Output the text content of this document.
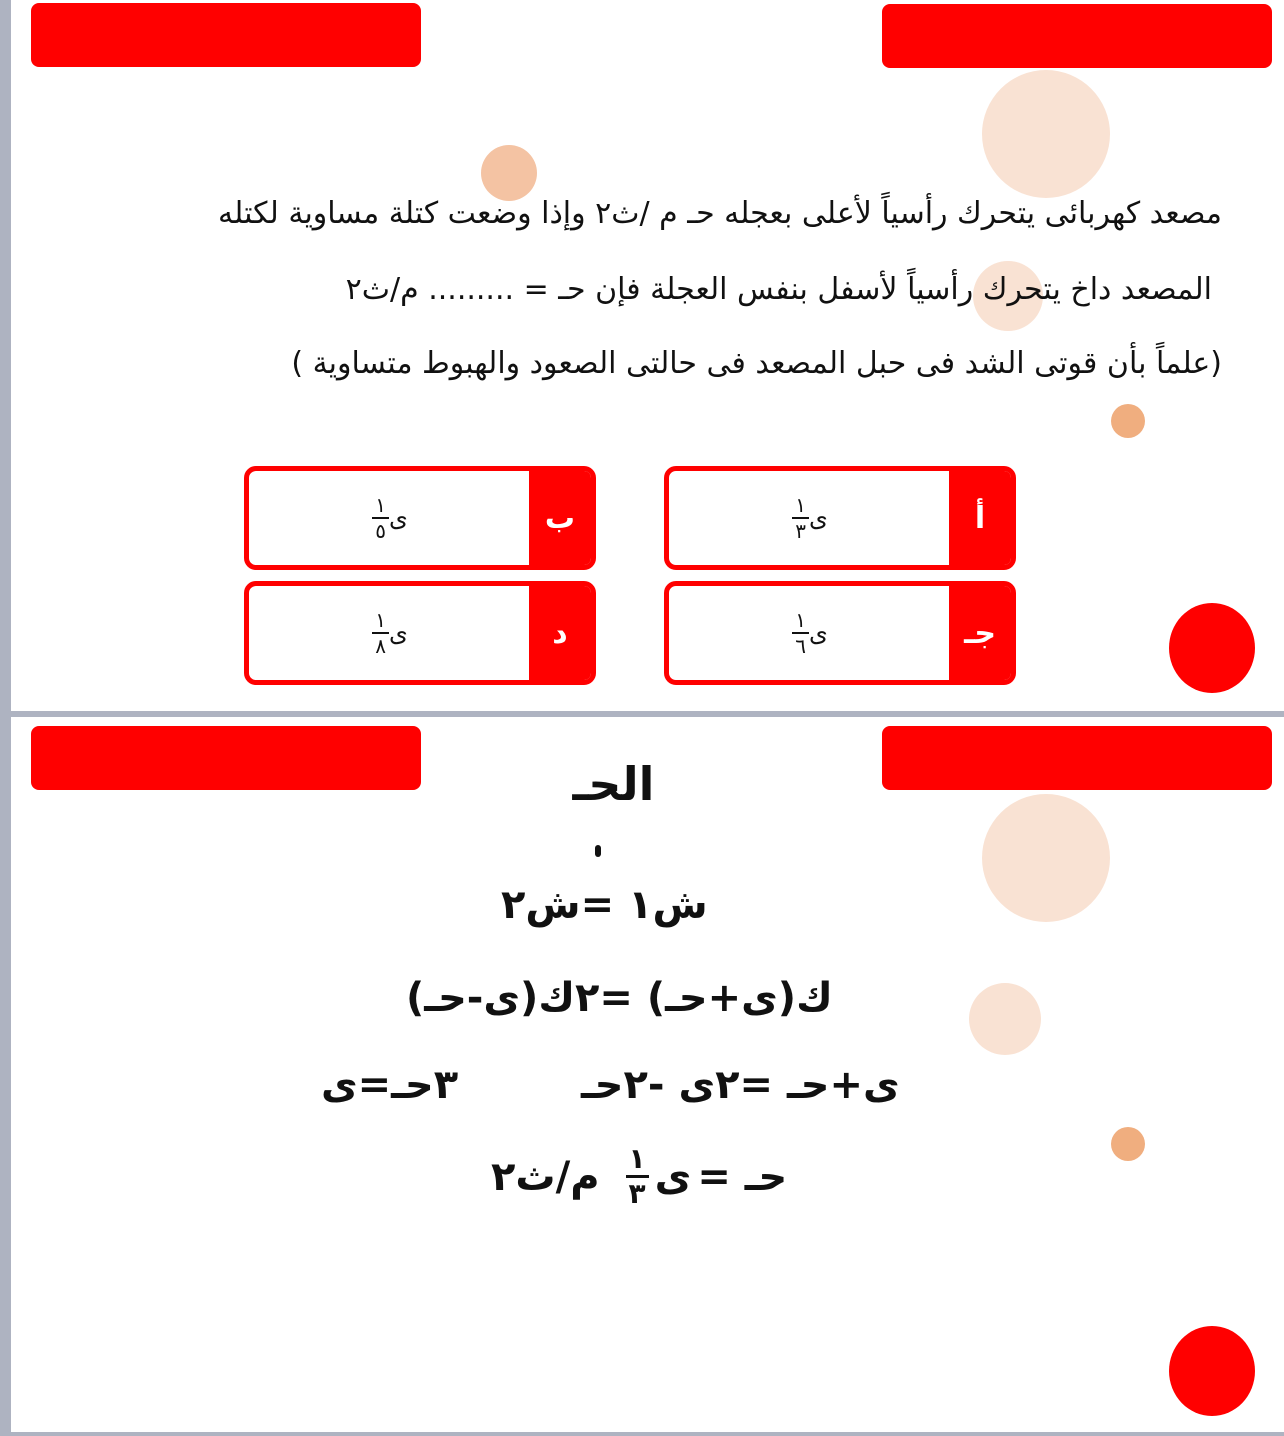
مصعد كهربائى يتحرك رأسياً لأعلى بعجله حـ م /ث٢ وإذا وضعت كتلة مساوية لكتله
المصعد داخ يتحرك رأسياً لأسفل بنفس العجلة فإن حـ = ......... م/ث٢
(علماً بأن قوتى الشد فى حبل المصعد فى حالتى الصعود والهبوط متساوية )
أ
ى
$\frac{١}{٣}$
ب
ى
$\frac{١}{٥}$
جـ
ى
$\frac{١}{٦}$
د
ى
$\frac{١}{٨}$
الحـ
ش١ =ش٢
ك(ى+حـ) =٢ك(ى-حـ)
ى+حـ =٢ى -٢حـ
٣حـ=ى
حـ =
ى
$\frac{١}{٣}$
م/ث٢
